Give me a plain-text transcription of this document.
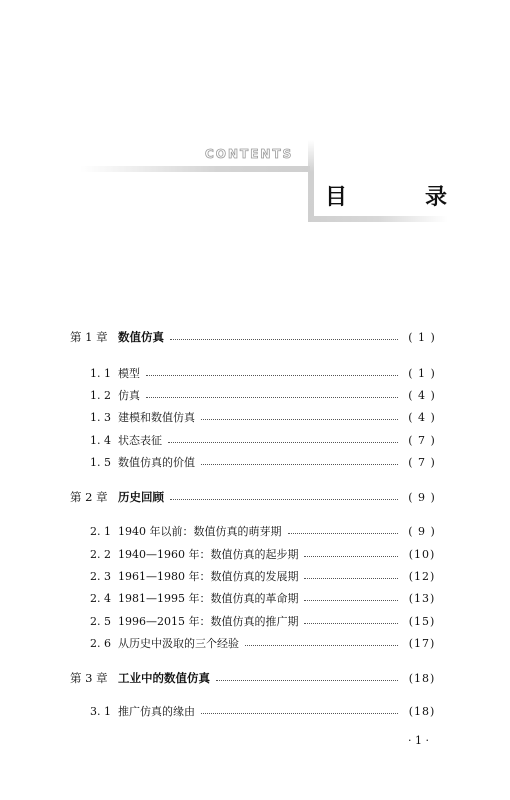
CONTENTS
目　录
第 1 章 数值仿真	( 1 )
1. 1 模型	( 1 )
1. 2 仿真	( 4 )
1. 3 建模和数值仿真	( 4 )
1. 4 状态表征	( 7 )
1. 5 数值仿真的价值	( 7 )
第 2 章 历史回顾	( 9 )
2. 1 1940 年以前：数值仿真的萌芽期	( 9 )
2. 2 1940—1960 年：数值仿真的起步期	(10)
2. 3 1961—1980 年：数值仿真的发展期	(12)
2. 4 1981—1995 年：数值仿真的革命期	(13)
2. 5 1996—2015 年：数值仿真的推广期	(15)
2. 6 从历史中汲取的三个经验	(17)
第 3 章 工业中的数值仿真	(18)
3. 1 推广仿真的缘由	(18)
· 1 ·
